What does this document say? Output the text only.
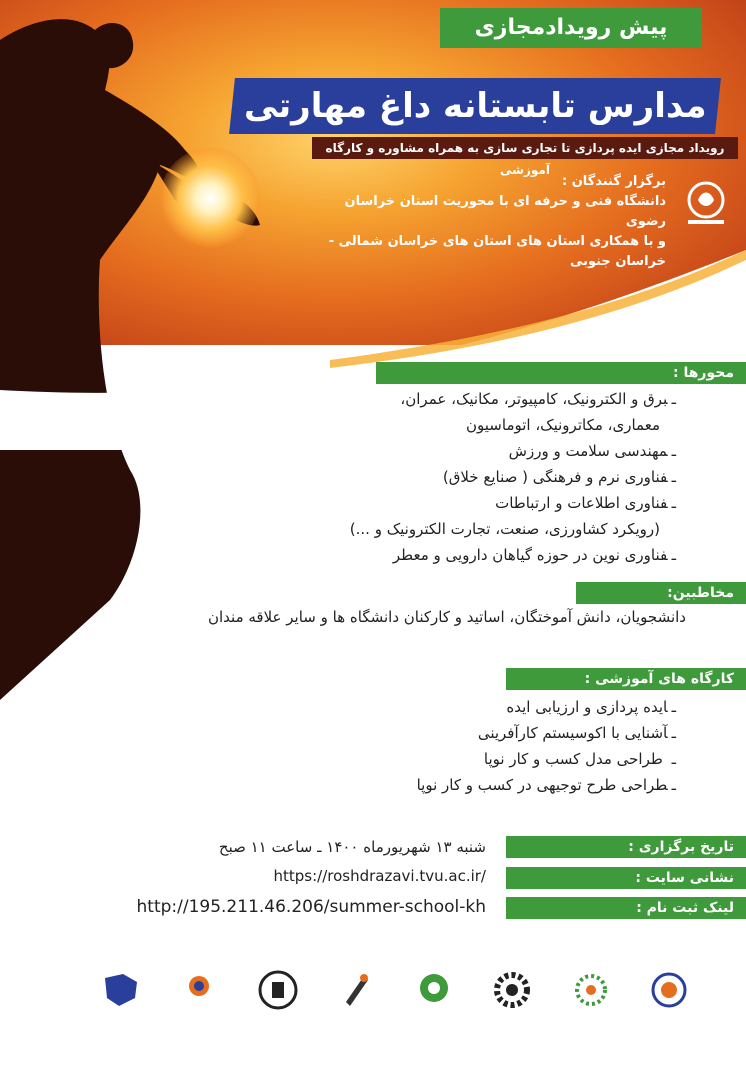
پیش رویدادمجازی
مدارس تابستانه داغ مهارتی
رویداد مجازی ایده پردازی تا تجاری سازی به همراه مشاوره و کارگاه آموزشی
برگزار گنندگان :
دانشگاه فنی و حرفه ای با محوریت استان خراسان رضوی
و با همکاری استان های استان های خراسان شمالی - خراسان جنوبی
محورها :
ـ برق و الکترونیک، کامپیوتر، مکانیک، عمران،
معماری، مکاترونیک، اتوماسیون
ـ مهندسی سلامت و ورزش
ـ فناوری نرم و فرهنگی ( صنایع خلاق)
ـ فناوری اطلاعات و ارتباطات
(رویکرد کشاورزی، صنعت، تجارت الکترونیک و ...)
ـ فناوری نوین در حوزه گیاهان دارویی و معطر
مخاطبین:
دانشجویان، دانش آموختگان، اساتید و کارکنان دانشگاه ها و سایر علاقه مندان
کارگاه های آموزشی :
ـ ایده پردازی و ارزیابی ایده
ـ آشنایی با اکوسیستم کارآفرینی
ـ طراحی مدل کسب و کار نوپا
ـ طراحی طرح توجیهی در کسب و کار نوپا
تاریخ برگزاری :
شنبه ۱۳ شهریورماه ۱۴۰۰ ـ ساعت ۱۱ صبح
نشانی سایت :
https://roshdrazavi.tvu.ac.ir/
لینک ثبت نام :
http://195.211.46.206/summer-school-kh
